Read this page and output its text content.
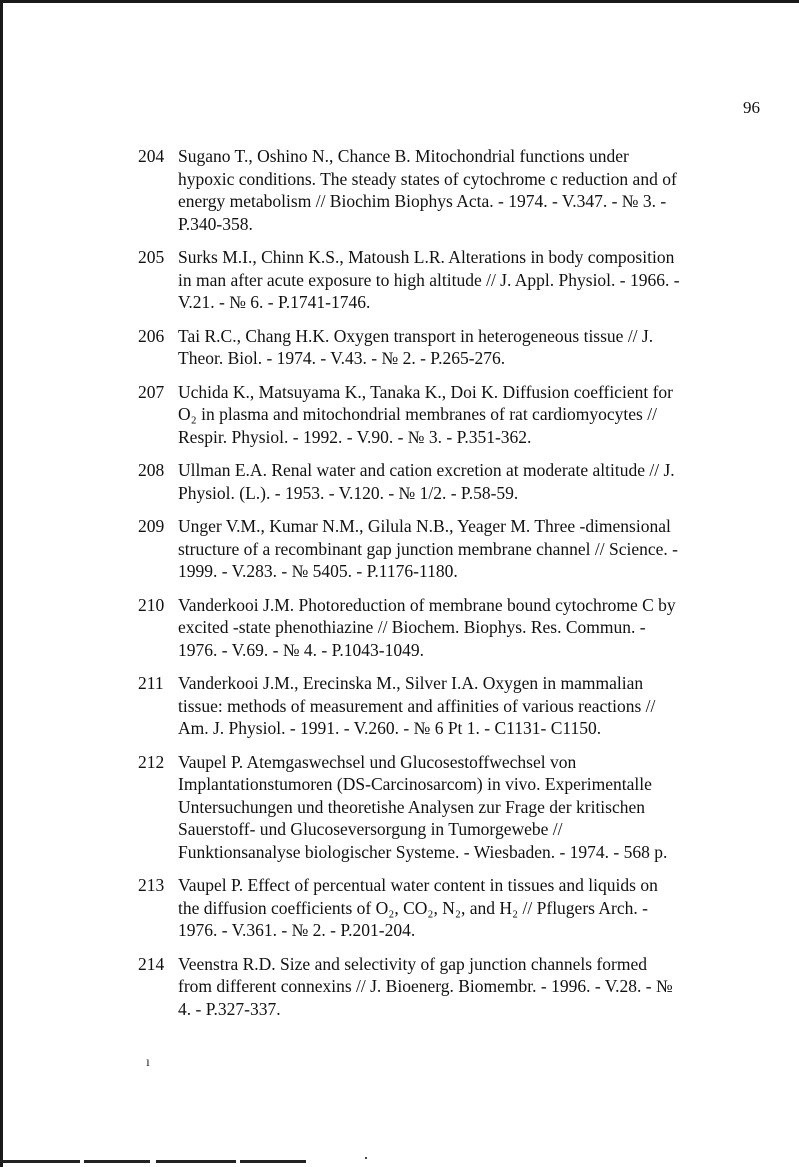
96
204 Sugano T., Oshino N., Chance B. Mitochondrial functions under
hypoxic conditions. The steady states of cytochrome c reduction and of
energy metabolism // Biochim Biophys Acta. - 1974. - V.347. - № 3. -
P.340-358.

205 Surks M.I., Chinn K.S., Matoush L.R. Alterations in body composition
in man after acute exposure to high altitude // J. Appl. Physiol. - 1966. -
V.21. - № 6. - P.1741-1746.

206 Tai R.C., Chang H.K. Oxygen transport in heterogeneous tissue // J.
Theor. Biol. - 1974. - V.43. - № 2. - P.265-276.

207 Uchida K., Matsuyama K., Tanaka K., Doi K. Diffusion coefficient for
O₂ in plasma and mitochondrial membranes of rat cardiomyocytes //
Respir. Physiol. - 1992. - V.90. - № 3. - P.351-362.

208 Ullman E.A. Renal water and cation excretion at moderate altitude // J.
Physiol. (L.). - 1953. - V.120. - № 1/2. - P.58-59.

209 Unger V.M., Kumar N.M., Gilula N.B., Yeager M. Three -dimensional
structure of a recombinant gap junction membrane channel // Science. -
1999. - V.283. - № 5405. - P.1176-1180.

210 Vanderkooi J.M. Photoreduction of membrane bound cytochrome C by
excited -state phenothiazine // Biochem. Biophys. Res. Commun. -
1976. - V.69. - № 4. - P.1043-1049.

211 Vanderkooi J.M., Erecinska M., Silver I.A. Oxygen in mammalian
tissue: methods of measurement and affinities of various reactions //
Am. J. Physiol. - 1991. - V.260. - № 6 Pt 1. - C1131- C1150.

212 Vaupel P. Atemgaswechsel und Glucosestoffwechsel von
Implantationstumoren (DS-Carcinosarcom) in vivo. Experimentalle
Untersuchungen und theoretishe Analysen zur Frage der kritischen
Sauerstoff- und Glucoseversorgung in Tumorgewebe //
Funktionsanalyse biologischer Systeme. - Wiesbaden. - 1974. - 568 p.

213 Vaupel P. Effect of percentual water content in tissues and liquids on
the diffusion coefficients of O₂, CO₂, N₂, and H₂ // Pflugers Arch. -
1976. - V.361. - № 2. - P.201-204.

214 Veenstra R.D. Size and selectivity of gap junction channels formed
from different connexins // J. Bioenerg. Biomembr. - 1996. - V.28. - №
4. - P.327-337.

ı
